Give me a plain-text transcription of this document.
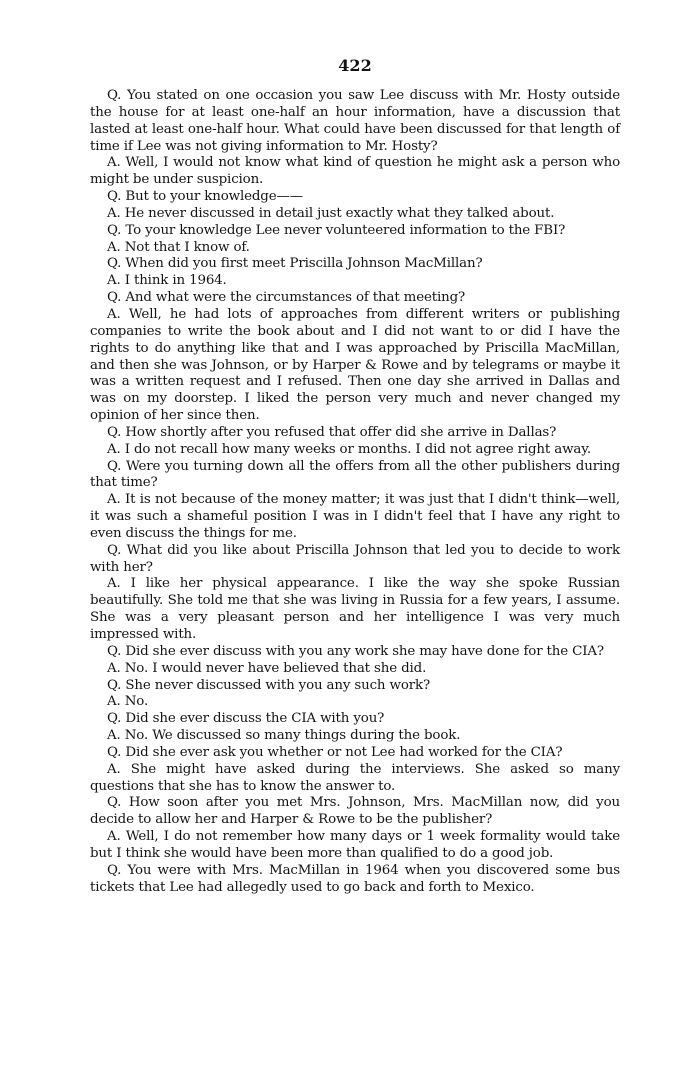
422

Q. You stated on one occasion you saw Lee discuss with Mr. Hosty outside the house for at least one-half an hour information, have a discussion that lasted at least one-half hour. What could have been discussed for that length of time if Lee was not giving information to Mr. Hosty?

A. Well, I would not know what kind of question he might ask a person who might be under suspicion.

Q. But to your knowledge——

A. He never discussed in detail just exactly what they talked about.

Q. To your knowledge Lee never volunteered information to the FBI?

A. Not that I know of.

Q. When did you first meet Priscilla Johnson MacMillan?

A. I think in 1964.

Q. And what were the circumstances of that meeting?

A. Well, he had lots of approaches from different writers or publishing companies to write the book about and I did not want to or did I have the rights to do anything like that and I was approached by Priscilla MacMillan, and then she was Johnson, or by Harper & Rowe and by telegrams or maybe it was a written request and I refused. Then one day she arrived in Dallas and was on my doorstep. I liked the person very much and never changed my opinion of her since then.

Q. How shortly after you refused that offer did she arrive in Dallas?

A. I do not recall how many weeks or months. I did not agree right away.

Q. Were you turning down all the offers from all the other publishers during that time?

A. It is not because of the money matter; it was just that I didn't think—well, it was such a shameful position I was in I didn't feel that I have any right to even discuss the things for me.

Q. What did you like about Priscilla Johnson that led you to decide to work with her?

A. I like her physical appearance. I like the way she spoke Russian beautifully. She told me that she was living in Russia for a few years, I assume. She was a very pleasant person and her intelligence I was very much impressed with.

Q. Did she ever discuss with you any work she may have done for the CIA?

A. No. I would never have believed that she did.

Q. She never discussed with you any such work?

A. No.

Q. Did she ever discuss the CIA with you?

A. No. We discussed so many things during the book.

Q. Did she ever ask you whether or not Lee had worked for the CIA?

A. She might have asked during the interviews. She asked so many questions that she has to know the answer to.

Q. How soon after you met Mrs. Johnson, Mrs. MacMillan now, did you decide to allow her and Harper & Rowe to be the publisher?

A. Well, I do not remember how many days or 1 week formality would take but I think she would have been more than qualified to do a good job.

Q. You were with Mrs. MacMillan in 1964 when you discovered some bus tickets that Lee had allegedly used to go back and forth to Mexico.
